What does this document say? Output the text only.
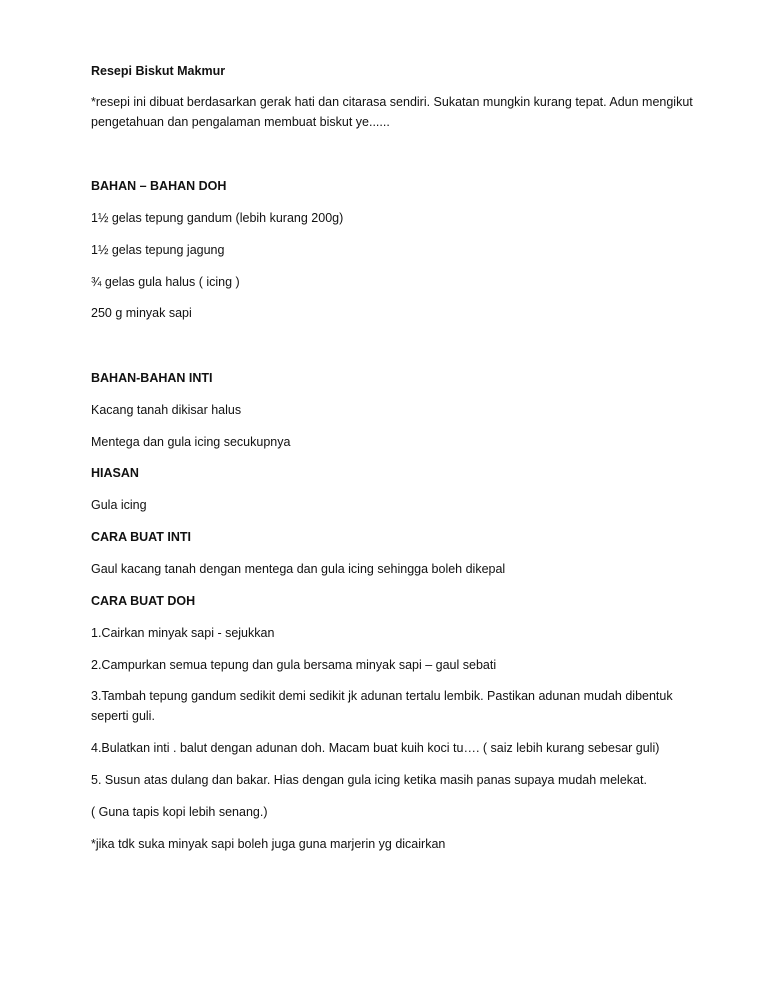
Resepi Biskut Makmur

*resepi ini dibuat berdasarkan gerak hati dan citarasa sendiri. Sukatan mungkin kurang tepat. Adun mengikut pengetahuan dan pengalaman membuat biskut ye......

BAHAN – BAHAN DOH

1½ gelas tepung gandum (lebih kurang 200g)

1½ gelas tepung jagung

¾ gelas gula halus ( icing )

250 g minyak sapi

BAHAN-BAHAN INTI

Kacang tanah dikisar halus

Mentega dan gula icing secukupnya

HIASAN

Gula icing

CARA BUAT INTI

Gaul kacang tanah dengan mentega dan gula icing sehingga boleh dikepal

CARA BUAT DOH

1.Cairkan minyak sapi - sejukkan

2.Campurkan semua tepung dan gula bersama minyak sapi – gaul sebati

3.Tambah tepung gandum sedikit demi sedikit jk adunan tertalu lembik. Pastikan adunan mudah dibentuk seperti guli.

4.Bulatkan inti . balut dengan adunan doh. Macam buat kuih koci tu…. ( saiz lebih kurang sebesar guli)

5. Susun atas dulang dan bakar. Hias dengan gula icing ketika masih panas supaya mudah melekat.

( Guna tapis kopi lebih senang.)

*jika tdk suka minyak sapi boleh juga guna marjerin yg dicairkan
